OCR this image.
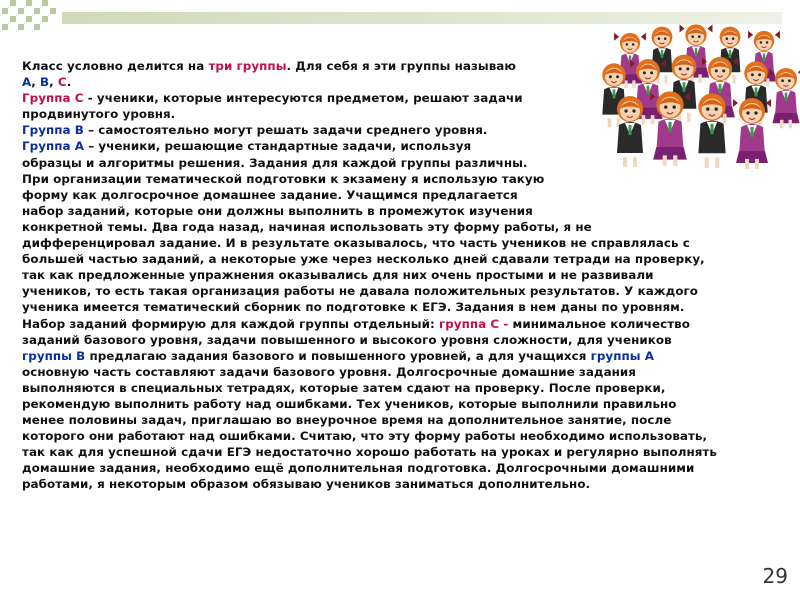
Класс условно делится на три группы. Для себя я эти группы называю
А, В, С.
Группа С - ученики, которые интересуются предметом, решают задачи
продвинутого уровня.
Группа В – самостоятельно могут решать задачи среднего уровня.
Группа А – ученики, решающие стандартные задачи, используя
образцы и алгоритмы решения. Задания для каждой группы различны.
При организации тематической подготовки к экзамену я использую такую
форму как долгосрочное домашнее задание. Учащимся предлагается
набор заданий, которые они должны выполнить в промежуток изучения
конкретной темы. Два года назад, начиная использовать эту форму работы, я не
дифференцировал задание. И в результате оказывалось, что часть учеников не справлялась с
большей частью заданий, а некоторые уже через несколько дней сдавали тетради на проверку,
так как предложенные упражнения оказывались для них очень простыми и не развивали
учеников, то есть такая организация работы не давала положительных результатов. У каждого
ученика имеется тематический сборник по подготовке к ЕГЭ. Задания в нем даны по уровням.
Набор заданий формирую для каждой группы отдельный: группа С - минимальное количество
заданий базового уровня, задачи повышенного и высокого уровня сложности, для учеников
группы В предлагаю задания базового и повышенного уровней, а для учащихся группы А
основную часть составляют задачи базового уровня. Долгосрочные домашние задания
выполняются в специальных тетрадях, которые затем сдают на проверку. После проверки,
рекомендую выполнить работу над ошибками. Тех учеников, которые выполнили правильно
менее половины задач, приглашаю во внеурочное время на дополнительное занятие, после
которого они работают над ошибками. Считаю, что эту форму работы необходимо использовать,
так как для успешной сдачи ЕГЭ недостаточно хорошо работать на уроках и регулярно выполнять
домашние задания, необходимо ещё дополнительная подготовка. Долгосрочными домашними
работами, я некоторым образом обязываю учеников заниматься дополнительно.
29
